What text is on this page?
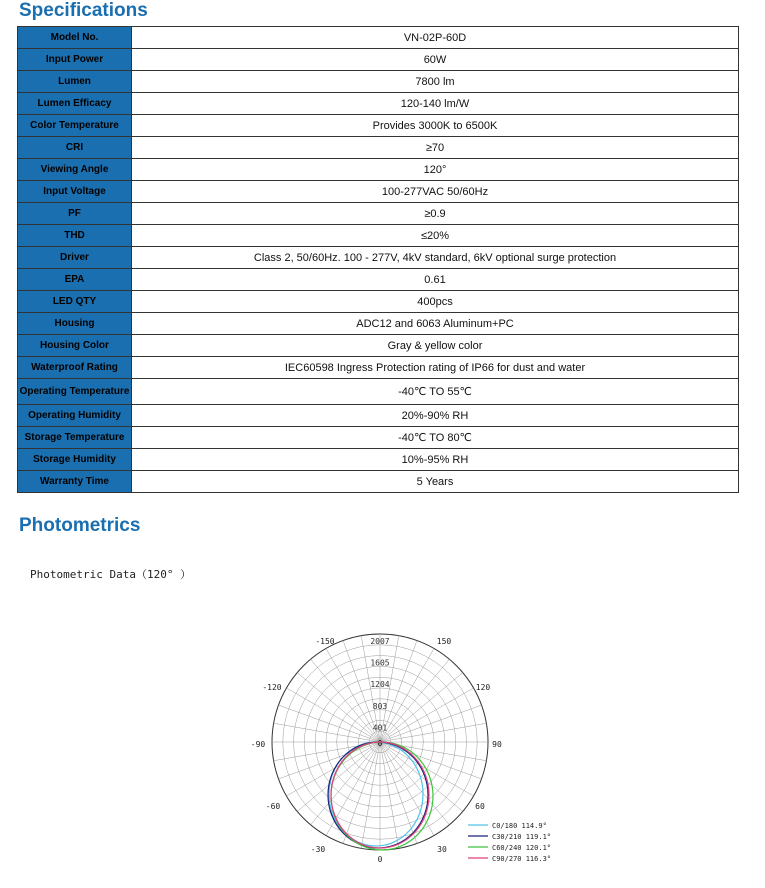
Specifications
Model No.	VN-02P-60D
Input Power	60W
Lumen	7800 lm
Lumen Efficacy	120-140 lm/W
Color Temperature	Provides 3000K to 6500K
CRI	≥70
Viewing Angle	120°
Input Voltage	100-277VAC 50/60Hz
PF	≥0.9
THD	≤20%
Driver	Class 2, 50/60Hz. 100 - 277V, 4kV standard, 6kV optional surge protection
EPA	0.61
LED QTY	400pcs
Housing	ADC12 and 6063 Aluminum+PC
Housing Color	Gray & yellow color
Waterproof Rating	IEC60598 Ingress Protection rating of IP66 for dust and water
Operating Temperature	-40℃ TO 55℃
Operating Humidity	20%-90% RH
Storage Temperature	-40℃ TO 80℃
Storage Humidity	10%-95% RH
Warranty Time	5 Years
Photometrics
Photometric Data（120° ）
401
803
1204
1605
2007
-150	150
-120	120
-90	90
-60	60
-30	30
0
0
C0/180 114.9°
C30/210 119.1°
C60/240 120.1°
C90/270 116.3°
